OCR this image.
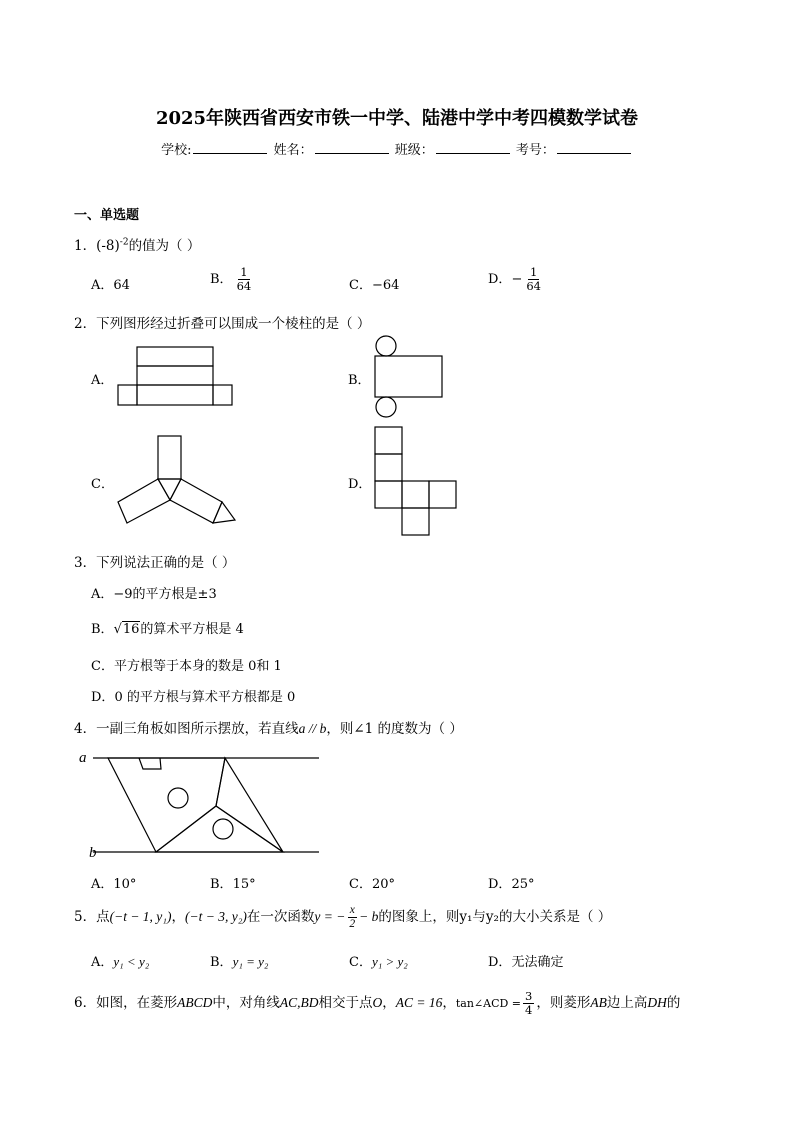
2025年陕西省西安市铁一中学、陆港中学中考四模数学试卷
学校:	姓名：	班级：	考号：
一、单选题
1．$(-8)^{-2}$的值为（ ）
A．64	B． $\frac{1}{64}$	C．−64	D．− $\frac{1}{64}$
2．下列图形经过折叠可以围成一个棱柱的是（ ）
A．	B．
C．	D．
3．下列说法正确的是（ ）
A．−9的平方根是±3
B．√16的算术平方根是 4
C．平方根等于本身的数是 0和 1
D．0 的平方根与算术平方根都是 0
4．一副三角板如图所示摆放，若直线a // b，则∠1 的度数为（ ）
a
b
A．10°	B．15°	C．20°	D．25°
5．点(−t − 1, y₁)，(−t − 3, y₂)在一次函数y = − $\frac{x}{2} - b$的图象上，则y₁与y₂的大小关系是（ ）
A．y₁ < y₂	B．y₁ = y₂	C．y₁ > y₂	D．无法确定
6．如图，在菱形ABCD中，对角线AC,BD相交于点O，AC = 16，tan∠ACD = $\frac{3}{4}$ ，则菱形AB边上高DH的
